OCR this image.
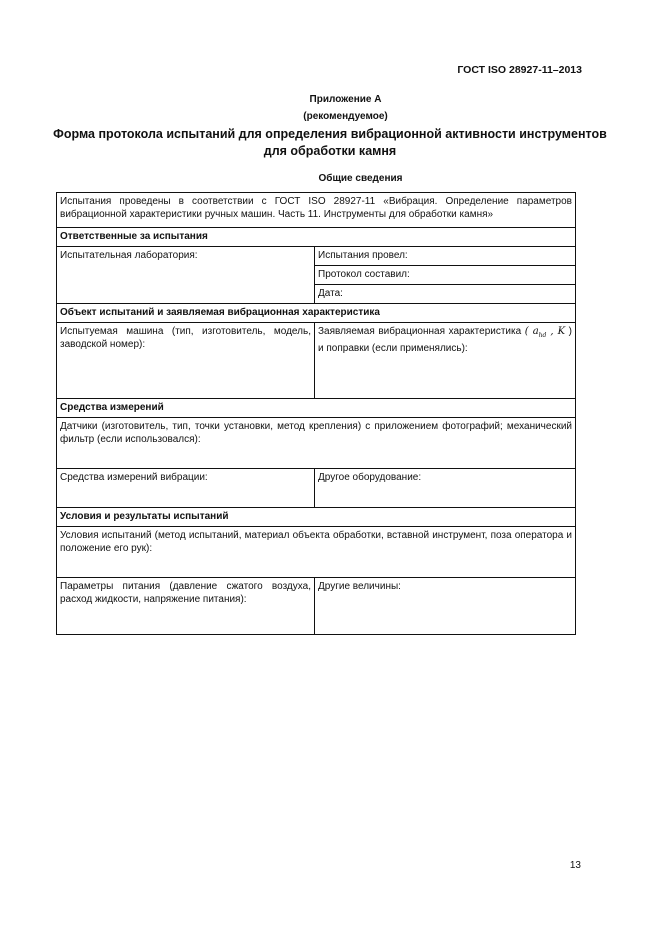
ГОСТ ISO 28927-11–2013
Приложение А
(рекомендуемое)
Форма протокола испытаний для определения вибрационной активности инструментов для обработки камня
Общие сведения
Испытания проведены в соответствии с ГОСТ ISO 28927-11 «Вибрация. Определение параметров вибрационной характеристики ручных машин. Часть 11. Инструменты для обработки камня»	
Ответственные за испытания	
Испытательная лаборатория:	Испытания провел:
Протокол составил:
Дата:

Объект испытаний и заявляемая вибрационная характеристика	
Испытуемая машина (тип, изготовитель, модель, заводской номер):	Заявляемая вибрационная характеристика ( $a_{hd}$ , K ) и поправки (если применялись):
Средства измерений	
Датчики (изготовитель, тип, точки установки, метод крепления) с приложением фотографий; механический фильтр (если использовался):	
Средства измерений вибрации:	Другое оборудование:
Условия и результаты испытаний	
Условия испытаний (метод испытаний, материал объекта обработки, вставной инструмент, поза оператора и положение его рук):	
Параметры питания (давление сжатого воздуха, расход жидкости, напряжение питания):	Другие величины:
13
